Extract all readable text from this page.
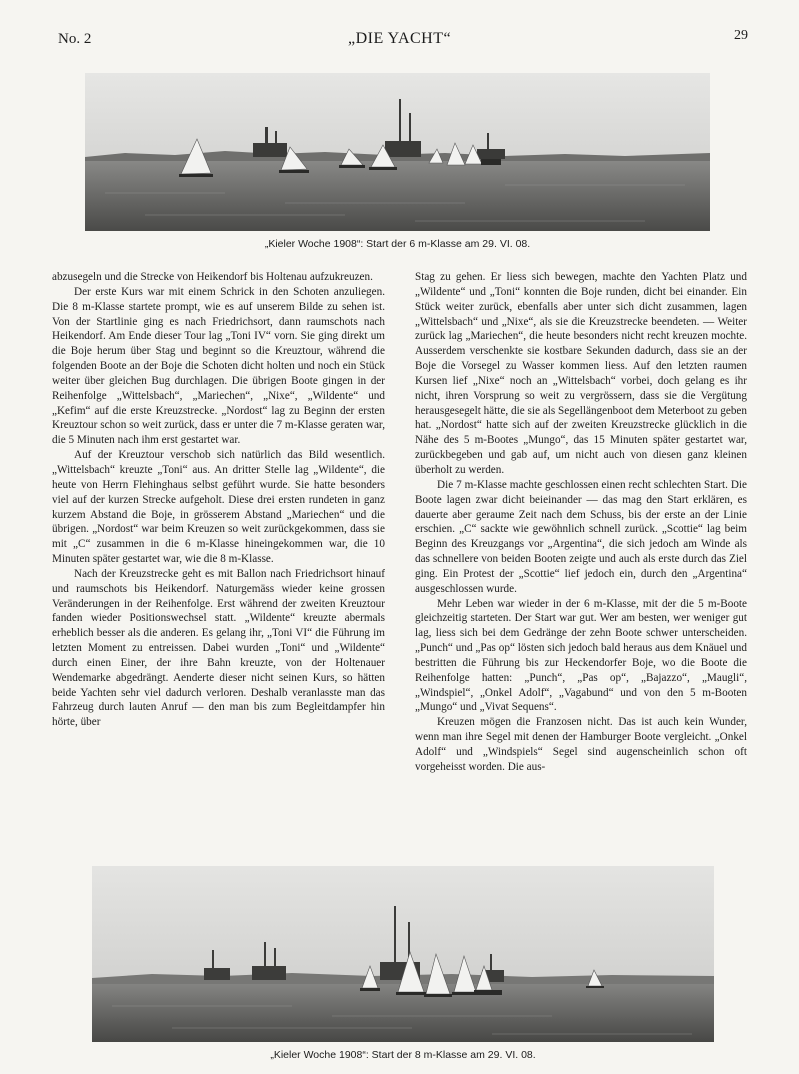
No. 2	„DIE YACHT“	29
„Kieler Woche 1908“: Start der 6 m-Klasse am 29. VI. 08.

abzusegeln und die Strecke von Heikendorf bis Holtenau aufzukreuzen.

Der erste Kurs war mit einem Schrick in den Schoten anzuliegen. Die 8 m-Klasse startete prompt, wie es auf unserem Bilde zu sehen ist. Von der Startlinie ging es nach Friedrichsort, dann raumschots nach Heikendorf. Am Ende dieser Tour lag „Toni IV“ vorn. Sie ging direkt um die Boje herum über Stag und beginnt so die Kreuztour, während die folgenden Boote an der Boje die Schoten dicht holten und noch ein Stück weiter über gleichen Bug durchlagen. Die übrigen Boote gingen in der Reihenfolge „Wittelsbach“, „Mariechen“, „Nixe“, „Wildente“ und „Kefim“ auf die erste Kreuzstrecke. „Nordost“ lag zu Beginn der ersten Kreuztour schon so weit zurück, dass er unter die 7 m-Klasse geraten war, die 5 Minuten nach ihm erst gestartet war.

Auf der Kreuztour verschob sich natürlich das Bild wesentlich. „Wittelsbach“ kreuzte „Toni“ aus. An dritter Stelle lag „Wildente“, die heute von Herrn Flehinghaus selbst geführt wurde. Sie hatte besonders viel auf der kurzen Strecke aufgeholt. Diese drei ersten rundeten in ganz kurzem Abstand die Boje, in grösserem Abstand „Mariechen“ und die übrigen. „Nordost“ war beim Kreuzen so weit zurückgekommen, dass sie mit „C“ zusammen in die 6 m-Klasse hineingekommen war, die 10 Minuten später gestartet war, wie die 8 m-Klasse.

Nach der Kreuzstrecke geht es mit Ballon nach Friedrichsort hinauf und raumschots bis Heikendorf. Naturgemäss wieder keine grossen Veränderungen in der Reihenfolge. Erst während der zweiten Kreuztour fanden wieder Positionswechsel statt. „Wildente“ kreuzte abermals erheblich besser als die anderen. Es gelang ihr, „Toni VI“ die Führung im letzten Moment zu entreissen. Dabei wurden „Toni“ und „Wildente“ durch einen Einer, der ihre Bahn kreuzte, von der Holtenauer Wendemarke abgedrängt. Aenderte dieser nicht seinen Kurs, so hätten beide Yachten sehr viel dadurch verloren. Deshalb veranlasste man das Fahrzeug durch lauten Anruf — den man bis zum Begleitdampfer hin hörte, über

Stag zu gehen. Er liess sich bewegen, machte den Yachten Platz und „Wildente“ und „Toni“ konnten die Boje runden, dicht bei einander. Ein Stück weiter zurück, ebenfalls aber unter sich dicht zusammen, lagen „Wittelsbach“ und „Nixe“, als sie die Kreuzstrecke beendeten. — Weiter zurück lag „Mariechen“, die heute besonders nicht recht kreuzen mochte. Ausserdem verschenkte sie kostbare Sekunden dadurch, dass sie an der Boje die Vorsegel zu Wasser kommen liess. Auf den letzten raumen Kursen lief „Nixe“ noch an „Wittelsbach“ vorbei, doch gelang es ihr nicht, ihren Vorsprung so weit zu vergrössern, dass sie die Vergütung herausgesegelt hätte, die sie als Segellängenboot dem Meterboot zu geben hat. „Nordost“ hatte sich auf der zweiten Kreuzstrecke glücklich in die Nähe des 5 m-Bootes „Mungo“, das 15 Minuten später gestartet war, zurückbegeben und gab auf, um nicht auch von diesen ganz kleinen überholt zu werden.

Die 7 m-Klasse machte geschlossen einen recht schlechten Start. Die Boote lagen zwar dicht beieinander — das mag den Start erklären, es dauerte aber geraume Zeit nach dem Schuss, bis der erste an der Linie erschien. „C“ sackte wie gewöhnlich schnell zurück. „Scottie“ lag beim Beginn des Kreuzgangs vor „Argentina“, die sich jedoch am Winde als das schnellere von beiden Booten zeigte und auch als erste durch das Ziel ging. Ein Protest der „Scottie“ lief jedoch ein, durch den „Argentina“ ausgeschlossen wurde.

Mehr Leben war wieder in der 6 m-Klasse, mit der die 5 m-Boote gleichzeitig starteten. Der Start war gut. Wer am besten, wer weniger gut lag, liess sich bei dem Gedränge der zehn Boote schwer unterscheiden. „Punch“ und „Pas op“ lösten sich jedoch bald heraus aus dem Knäuel und bestritten die Führung bis zur Heckendorfer Boje, wo die Boote die Reihenfolge hatten: „Punch“, „Pas op“, „Bajazzo“, „Maugli“, „Windspiel“, „Onkel Adolf“, „Vagabund“ und von den 5 m-Booten „Mungo“ und „Vivat Sequens“.

Kreuzen mögen die Franzosen nicht. Das ist auch kein Wunder, wenn man ihre Segel mit denen der Hamburger Boote vergleicht. „Onkel Adolf“ und „Windspiels“ Segel sind augenscheinlich schon oft vorgeheisst worden. Die aus-

„Kieler Woche 1908“: Start der 8 m-Klasse am 29. VI. 08.
